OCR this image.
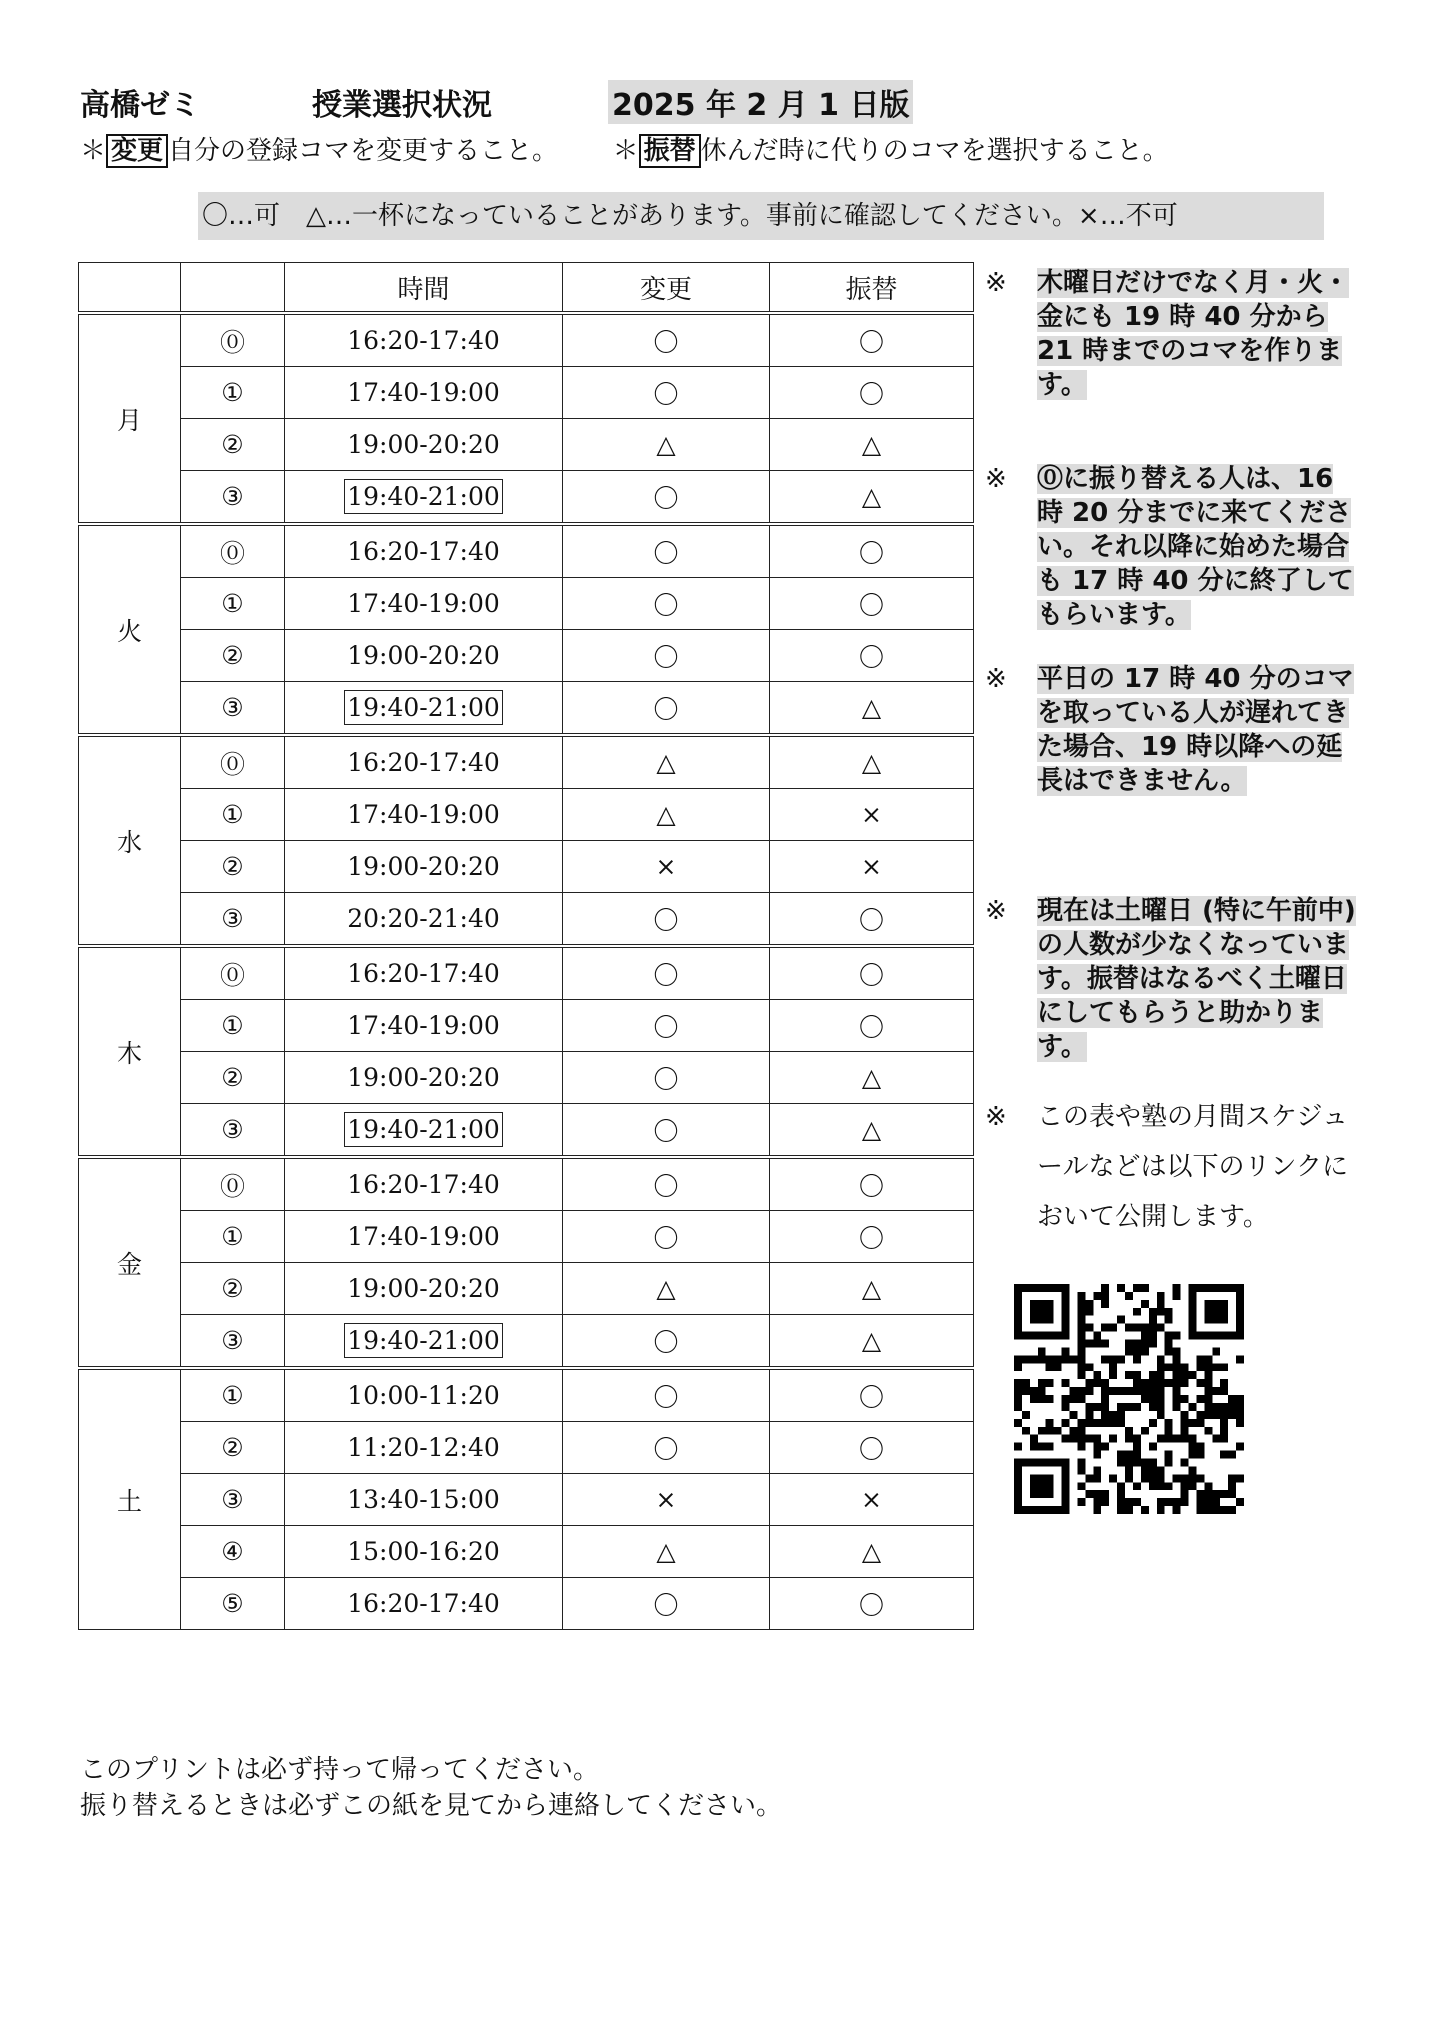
高橋ゼミ	授業選択状況	2025 年 2 月 1 日版
＊ 変更 自分の登録コマを変更すること。 ＊ 振替 休んだ時に代りのコマを選択すること。
〇…可　△…一杯になっていることがあります。事前に確認してください。×…不可
		時間	変更	振替
月	⓪	16:20-17:40	〇	〇
	①	17:40-19:00	〇	〇
	②	19:00-20:20	△	△
	③	19:40-21:00	〇	△
火	⓪	16:20-17:40	〇	〇
	①	17:40-19:00	〇	〇
	②	19:00-20:20	〇	〇
	③	19:40-21:00	〇	△
水	⓪	16:20-17:40	△	△
	①	17:40-19:00	△	×
	②	19:00-20:20	×	×
	③	20:20-21:40	〇	〇
木	⓪	16:20-17:40	〇	〇
	①	17:40-19:00	〇	〇
	②	19:00-20:20	〇	△
	③	19:40-21:00	〇	△
金	⓪	16:20-17:40	〇	〇
	①	17:40-19:00	〇	〇
	②	19:00-20:20	△	△
	③	19:40-21:00	〇	△
土	①	10:00-11:20	〇	〇
	②	11:20-12:40	〇	〇
	③	13:40-15:00	×	×
	④	15:00-16:20	△	△
	⑤	16:20-17:40	〇	〇
※ 木曜日だけでなく月・火・金にも 19 時 40 分から 21 時までのコマを作ります。
※ ⓪に振り替える人は、16 時 20 分までに来てください。それ以降に始めた場合も 17 時 40 分に終了してもらいます。
※ 平日の 17 時 40 分のコマを取っている人が遅れてきた場合、19 時以降への延長はできません。
※ 現在は土曜日 (特に午前中) の人数が少なくなっています。振替はなるべく土曜日にしてもらうと助かります。
※ この表や塾の月間スケジュールなどは以下のリンクにおいて公開します。
このプリントは必ず持って帰ってください。
振り替えるときは必ずこの紙を見てから連絡してください。
